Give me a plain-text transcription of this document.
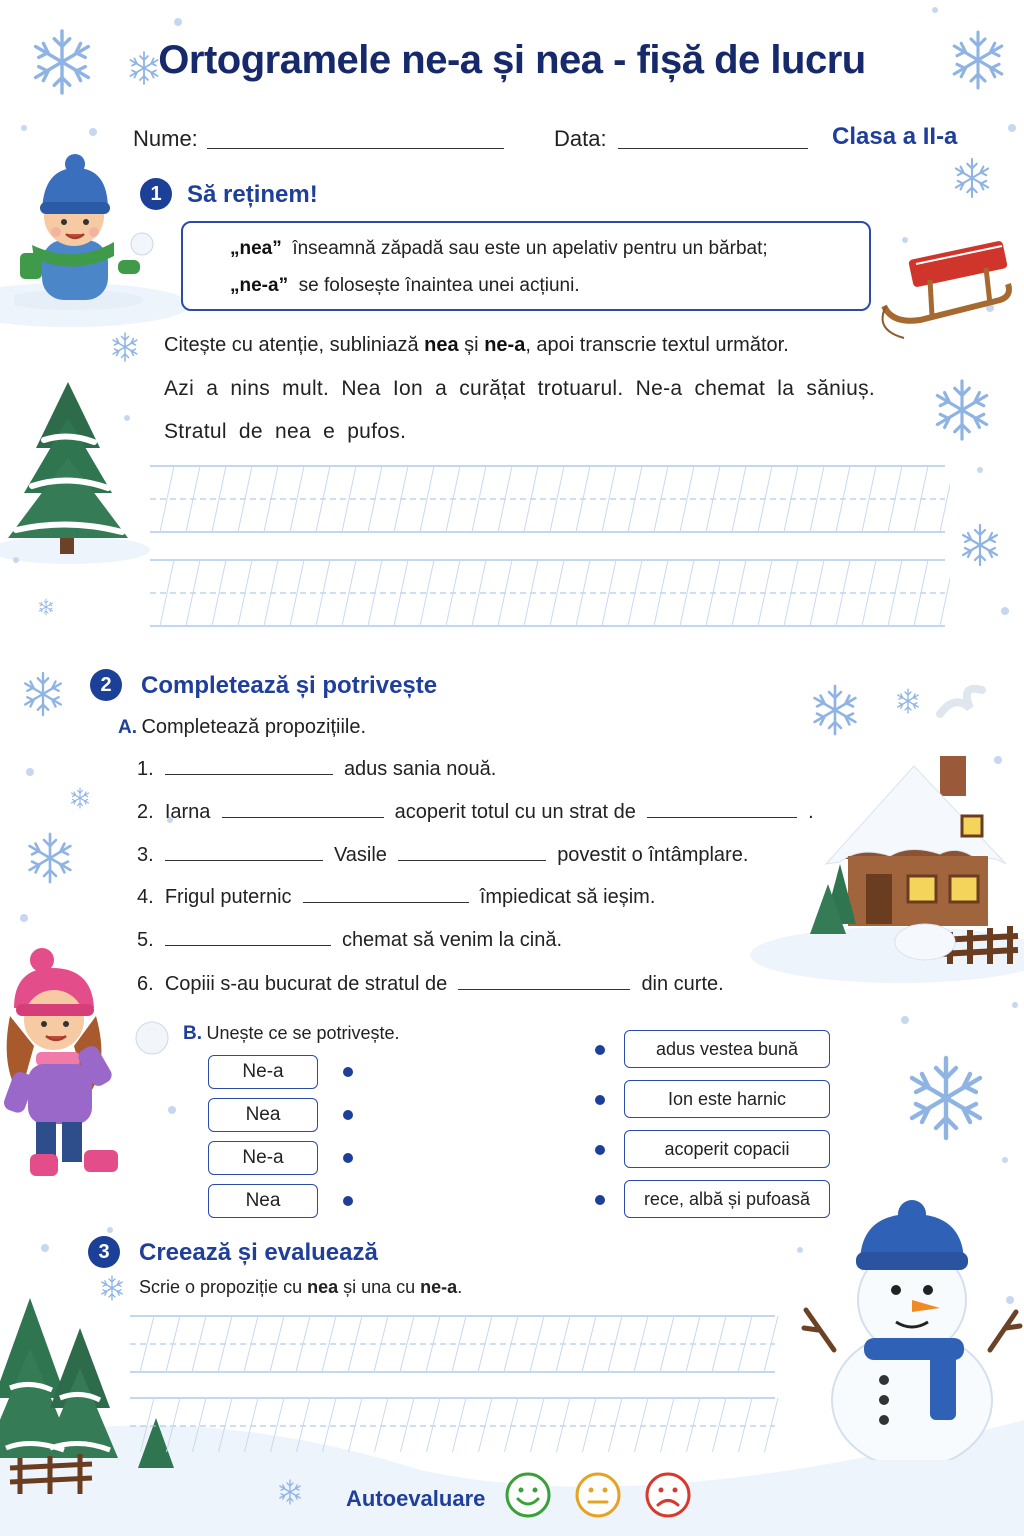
Ortogramele ne-a și nea - fișă de lucru
Nume:	Data:	Clasa a II-a
1	Să reținem!
„nea” înseamnă zăpadă sau este un apelativ pentru un bărbat;
„ne-a” se folosește înaintea unei acțiuni.
Citește cu atenție, subliniază nea și ne-a, apoi transcrie textul următor.
Azi a nins mult. Nea Ion a curățat trotuarul. Ne-a chemat la săniuș.
Stratul de nea e pufos.
2	Completează și potrivește
A. Completează propozițiile.
1.	adus sania nouă.
2. Iarna	acoperit totul cu un strat de	.
3.	Vasile	povestit o întâmplare.
4. Frigul puternic	împiedicat să ieșim.
5.	chemat să venim la cină.
6. Copiii s-au bucurat de stratul de	din curte.
B. Unește ce se potrivește.
Ne-a
Nea
Ne-a
Nea
adus vestea bună
Ion este harnic
acoperit copacii
rece, albă și pufoasă
3	Creează și evaluează
Scrie o propoziție cu nea și una cu ne-a.
Autoevaluare
